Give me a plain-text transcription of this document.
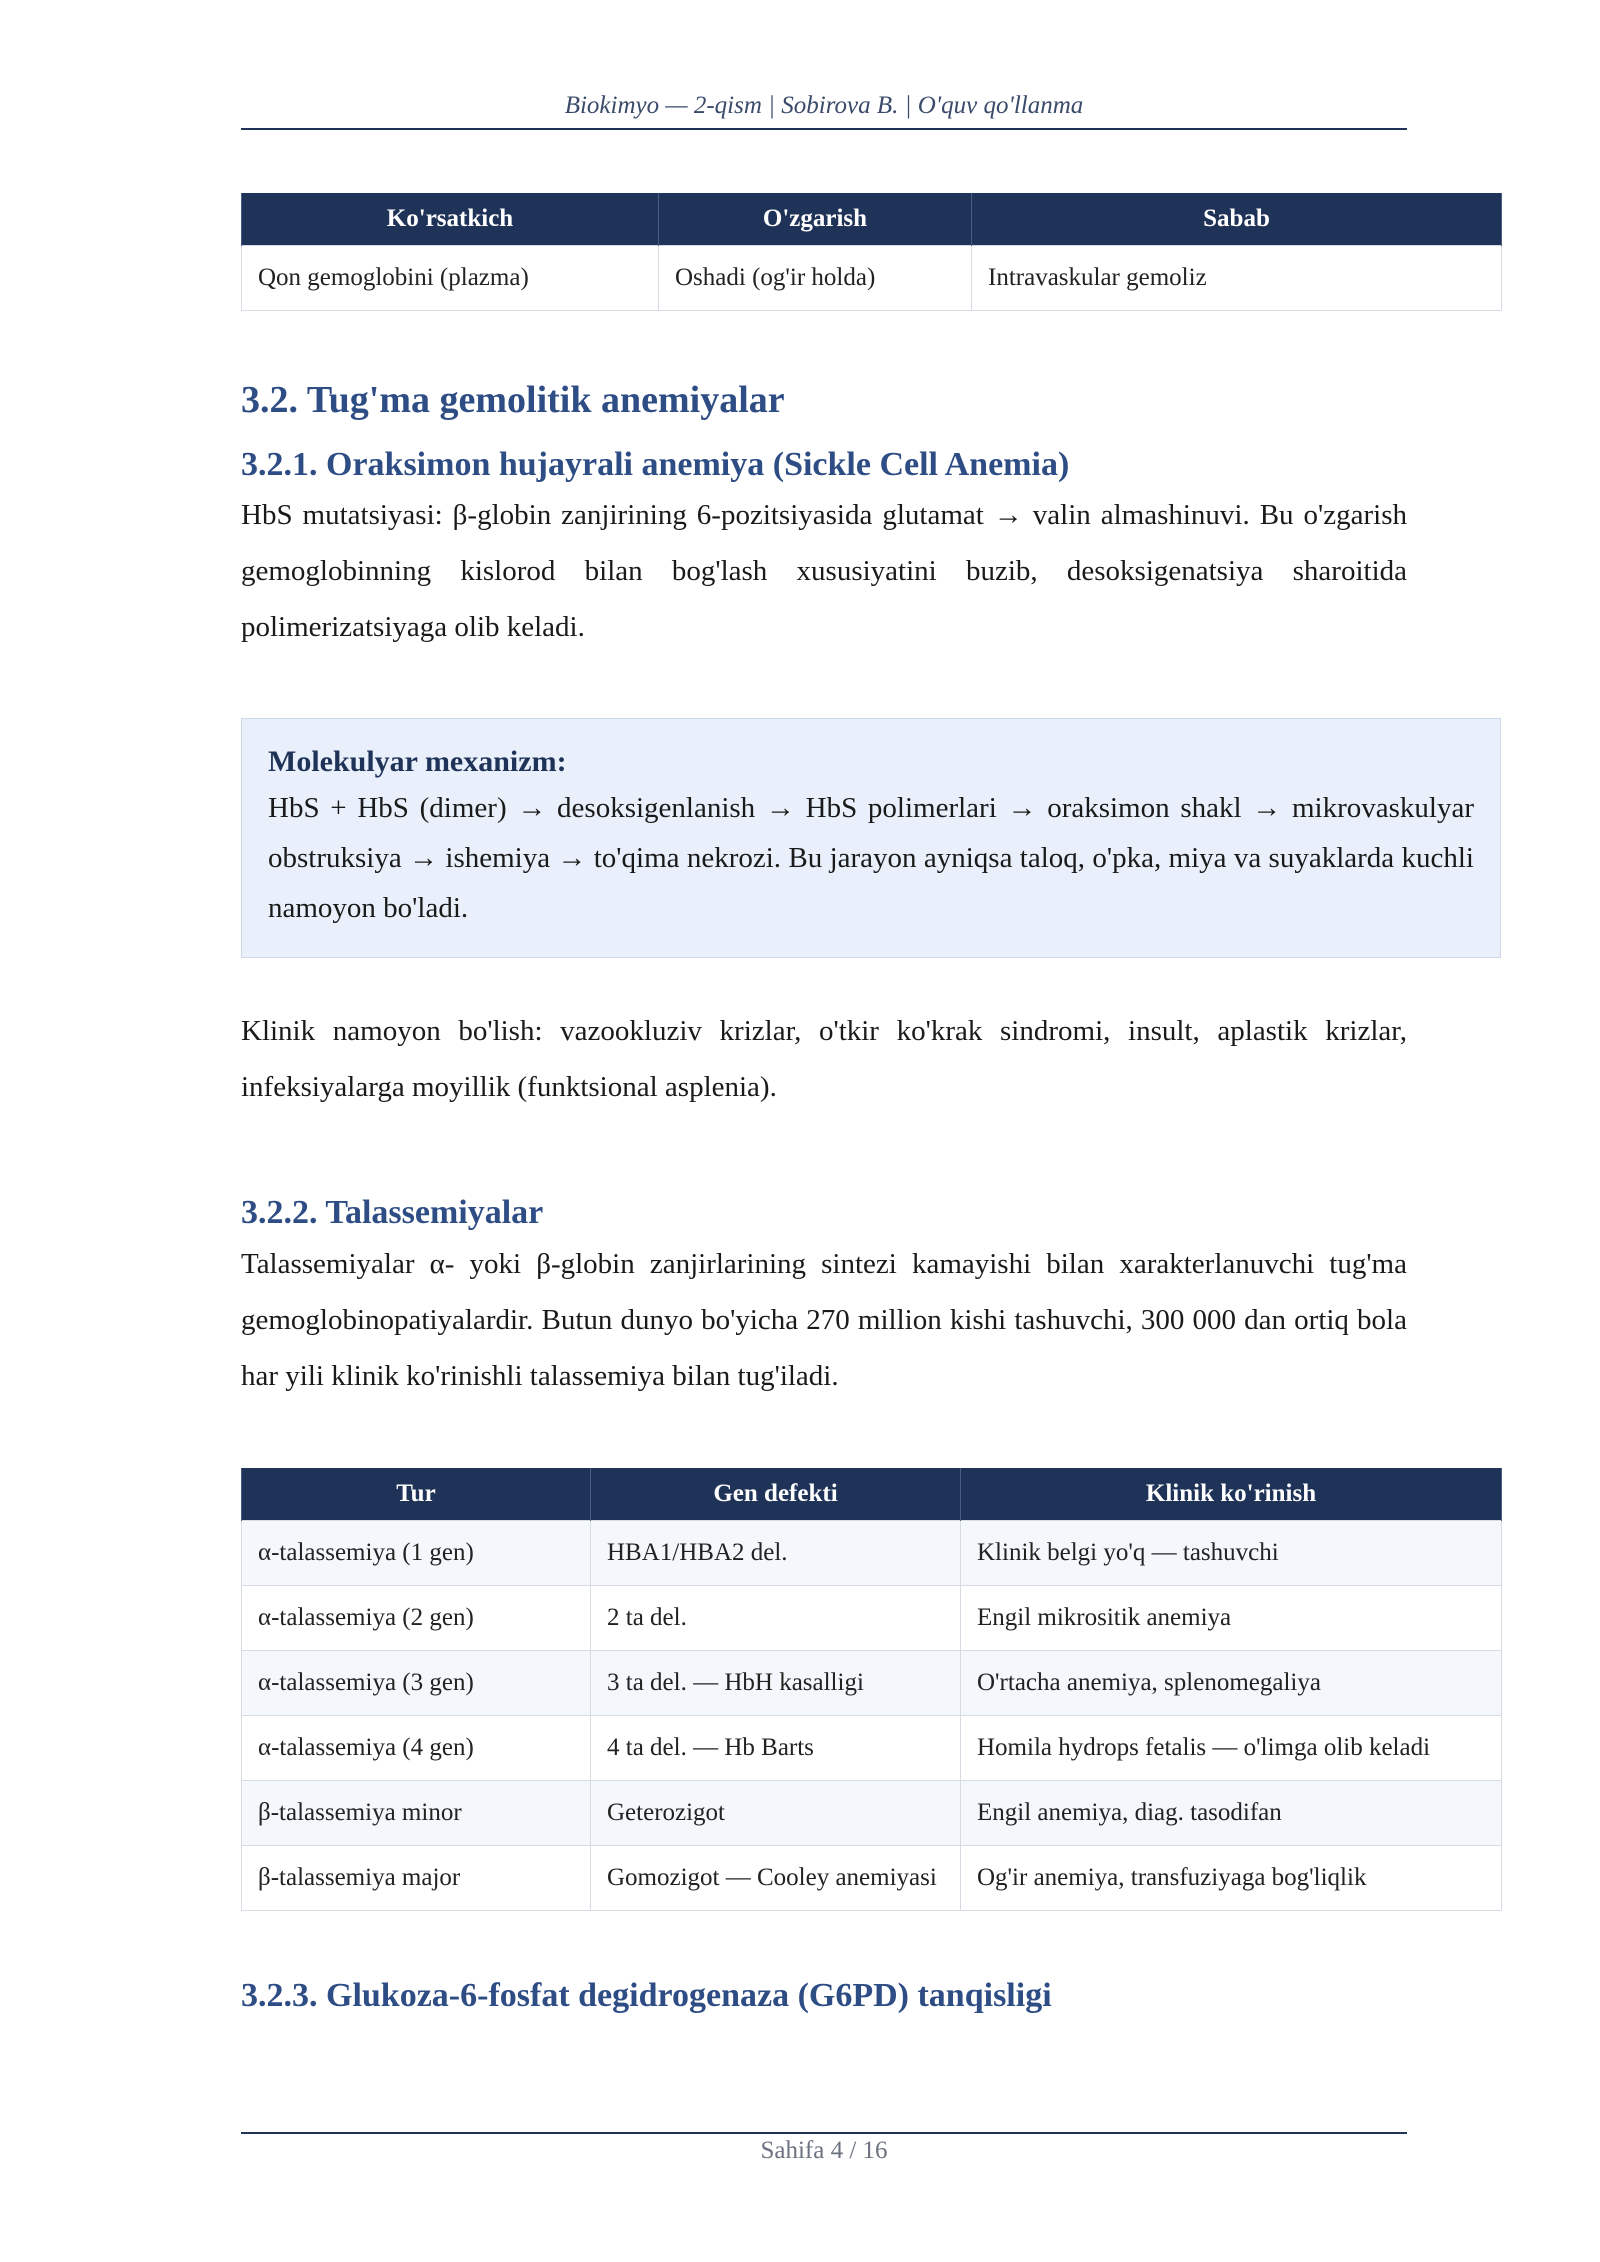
Biokimyo — 2-qism | Sobirova B. | O'quv qo'llanma
Ko'rsatkich	O'zgarish	Sabab
Qon gemoglobini (plazma)	Oshadi (og'ir holda)	Intravaskular gemoliz
3.2. Tug'ma gemolitik anemiyalar
3.2.1. Oraksimon hujayrali anemiya (Sickle Cell Anemia)

HbS mutatsiyasi: β-globin zanjirining 6-pozitsiyasida glutamat → valin almashinuvi. Bu o'zgarish gemoglobinning kislorod bilan bog'lash xususiyatini buzib, desoksigenatsiya sharoitida polimerizatsiyaga olib keladi.

Molekulyar mexanizm:

HbS + HbS (dimer) → desoksigenlanish → HbS polimerlari → oraksimon shakl → mikrovaskulyar obstruksiya → ishemiya → to'qima nekrozi. Bu jarayon ayniqsa taloq, o'pka, miya va suyaklarda kuchli namoyon bo'ladi.

Klinik namoyon bo'lish: vazookluziv krizlar, o'tkir ko'krak sindromi, insult, aplastik krizlar, infeksiyalarga moyillik (funktsional asplenia).

3.2.2. Talassemiyalar

Talassemiyalar α- yoki β-globin zanjirlarining sintezi kamayishi bilan xarakterlanuvchi tug'ma gemoglobinopatiyalardir. Butun dunyo bo'yicha 270 million kishi tashuvchi, 300 000 dan ortiq bola har yili klinik ko'rinishli talassemiya bilan tug'iladi.

Tur	Gen defekti	Klinik ko'rinish
α-talassemiya (1 gen)	HBA1/HBA2 del.	Klinik belgi yo'q — tashuvchi
α-talassemiya (2 gen)	2 ta del.	Engil mikrositik anemiya
α-talassemiya (3 gen)	3 ta del. — HbH kasalligi	O'rtacha anemiya, splenomegaliya
α-talassemiya (4 gen)	4 ta del. — Hb Barts	Homila hydrops fetalis — o'limga olib keladi
β-talassemiya minor	Geterozigot	Engil anemiya, diag. tasodifan
β-talassemiya major	Gomozigot — Cooley anemiyasi	Og'ir anemiya, transfuziyaga bog'liqlik
3.2.3. Glukoza-6-fosfat degidrogenaza (G6PD) tanqisligi
Sahifa 4 / 16
